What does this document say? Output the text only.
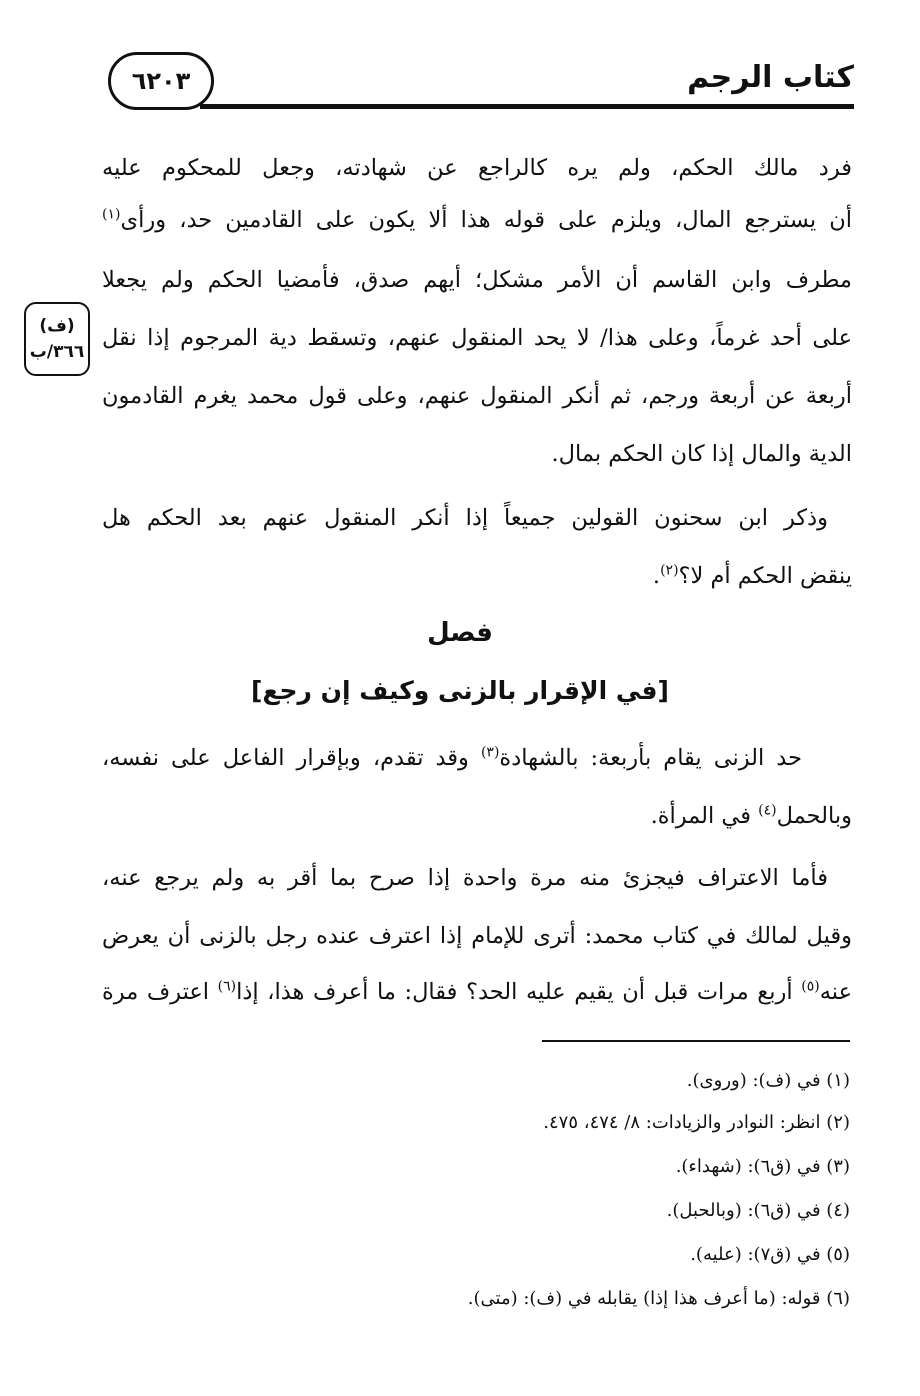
كتاب الرجم
٦٢٠٣
(ف)
٣٦٦/ب
فرد مالك الحكم، ولم يره كالراجع عن شهادته، وجعل للمحكوم عليه
أن يسترجع المال، ويلزم على قوله هذا ألا يكون على القادمين حد، ورأى$^{(١)}$
مطرف وابن القاسم أن الأمر مشكل؛ أيهم صدق، فأمضيا الحكم ولم يجعلا
على أحد غرماً، وعلى هذا/ لا يحد المنقول عنهم، وتسقط دية المرجوم إذا نقل
أربعة عن أربعة ورجم، ثم أنكر المنقول عنهم، وعلى قول محمد يغرم القادمون
الدية والمال إذا كان الحكم بمال.
وذكر ابن سحنون القولين جميعاً إذا أنكر المنقول عنهم بعد الحكم هل
ينقض الحكم أم لا؟$^{(٢)}$.
فصل
[في الإقرار بالزنى وكيف إن رجع]
حد الزنى يقام بأربعة: بالشهادة$^{(٣)}$ وقد تقدم، وبإقرار الفاعل على نفسه،
وبالحمل$^{(٤)}$ في المرأة.
فأما الاعتراف فيجزئ منه مرة واحدة إذا صرح بما أقر به ولم يرجع عنه،
وقيل لمالك في كتاب محمد: أترى للإمام إذا اعترف عنده رجل بالزنى أن يعرض
عنه$^{(٥)}$ أربع مرات قبل أن يقيم عليه الحد؟ فقال: ما أعرف هذا، إذا$^{(٦)}$ اعترف مرة
(١) في (ف): (وروى).
(٢) انظر: النوادر والزيادات: ٨/ ٤٧٤، ٤٧٥.
(٣) في (ق٦): (شهداء).
(٤) في (ق٦): (وبالحبل).
(٥) في (ق٧): (عليه).
(٦) قوله: (ما أعرف هذا إذا) يقابله في (ف): (متى).
